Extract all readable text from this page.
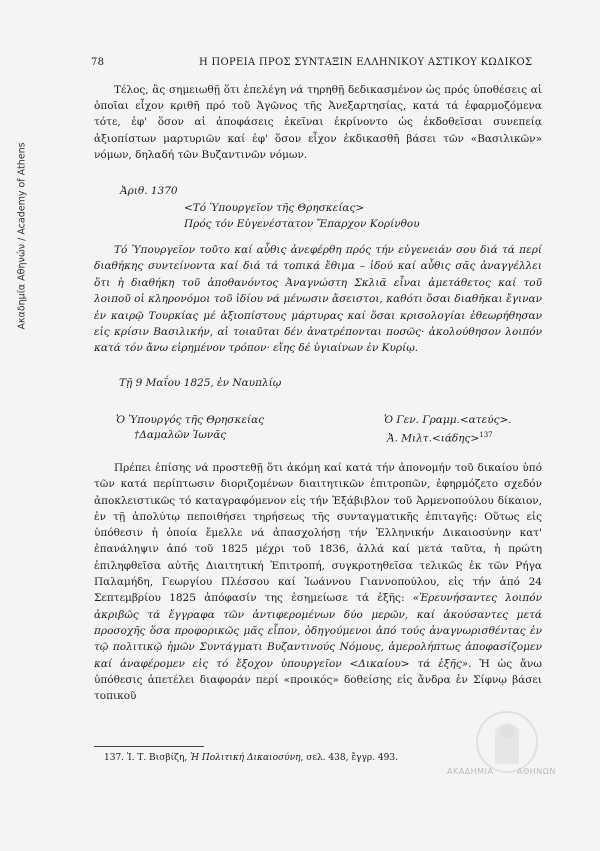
Ακαδημία Αθηνών / Academy of Athens
78	Η ΠΟΡΕΙΑ ΠΡΟΣ ΣΥΝΤΑΞΙΝ ΕΛΛΗΝΙΚΟΥ ΑΣΤΙΚΟΥ ΚΩΔΙΚΟΣ
Τέλος, ἂς σημειωθῇ ὅτι ἐπελέγη νά τηρηθῇ δεδικασμένον ὡς πρός ὑποθέσεις αἱ ὁποῖαι εἶχον κριθῆ πρό τοῦ Ἀγῶνος τῆς Ἀνεξαρτησίας, κατά τά ἐφαρμοζόμενα τότε, ἐφ' ὅσον αἱ ἀποφάσεις ἐκεῖναι ἐκρίνοντο ὡς ἐκδοθεῖσαι συνεπείᾳ ἀξιοπίστων μαρτυριῶν καί ἐφ' ὅσον εἶχον ἐκδικασθῆ βάσει τῶν «Βασιλικῶν» νόμων, δηλαδή τῶν Βυζαντινῶν νόμων.
Ἀριθ. 1370
<Τό Ὑπουργεῖον τῆς Θρησκείας>
Πρός τόν Εὐγενέστατον Ἔπαρχον Κορίνθου
Τό Ὑπουργεῖον τοῦτο καί αὖθις ἀνεφέρθη πρός τήν εὐγενειάν σου διά τά περί διαθήκης συντείνοντα καί διά τά τοπικά ἔθιμα – ἰδού καί αὖθις σᾶς ἀναγγέλλει ὅτι ἡ διαθήκη τοῦ ἀποθανόντος Ἀναγνώστη Σκλιᾶ εἶναι ἀμετάθετος καί τοῦ λοιποῦ οἱ κληρονόμοι τοῦ ἰδίου νά μένωσιν ἄσειστοι, καθότι ὅσαι διαθῆκαι ἔγιναν ἐν καιρῷ Τουρκίας μέ ἀξιοπίστους μάρτυρας καί ὅσαι κρισολογίαι ἐθεωρήθησαν εἰς κρίσιν Βασιλικήν, αἱ τοιαῦται δέν ἀνατρέπονται ποσῶς· ἀκολούθησον λοιπόν κατά τόν ἄνω εἰρημένον τρόπον· εἴης δέ ὑγιαίνων ἐν Κυρίῳ.
Τῇ 9 Μαΐου 1825, ἐν Ναυπλίῳ
Ὁ Ὑπουργός τῆς Θρησκείας
†Δαμαλῶν Ἰωνᾶς
Ὁ Γεν. Γραμμ.<ατεύς>.
Ἀ. Μιλτ.<ιάδης>$^{137}$
Πρέπει ἐπίσης νά προστεθῇ ὅτι ἀκόμη καί κατά τήν ἀπονομήν τοῦ δικαίου ὑπό τῶν κατά περίπτωσιν διοριζομένων διαιτητικῶν ἐπιτροπῶν, ἐφηρμόζετο σχεδόν ἀποκλειστικῶς τό καταγραφόμενον εἰς τήν Ἑξάβιβλον τοῦ Ἀρμενοπούλου δίκαιον, ἐν τῇ ἀπολύτῳ πεποιθήσει τηρήσεως τῆς συνταγματικῆς ἐπιταγῆς: Οὕτως εἰς ὑπόθεσιν ἡ ὁποία ἔμελλε νά ἀπασχολήσῃ τήν Ἑλληνικήν Δικαιοσύνην κατ' ἐπανάληψιν ἀπό τοῦ 1825 μέχρι τοῦ 1836, ἀλλά καί μετά ταῦτα, ἡ πρώτη ἐπιληφθεῖσα αὐτῆς Διαιτητική Ἐπιτροπή, συγκροτηθεῖσα τελικῶς ἐκ τῶν Ρήγα Παλαμήδη, Γεωργίου Πλέσσου καί Ἰωάννου Γιαννοπούλου, εἰς τήν ἀπό 24 Σεπτεμβρίου 1825 ἀπόφασίν της ἐσημείωσε τά ἑξῆς: «Ἐρευνήσαντες λοιπόν ἀκριβῶς τά ἔγγραφα τῶν ἀντιφερομένων δύο μερῶν, καί ἀκούσαντες μετά προσοχῆς ὅσα προφορικῶς μᾶς εἶπον, ὁδηγούμενοι ἀπό τούς ἀναγνωρισθέντας ἐν τῷ πολιτικῷ ἡμῶν Συντάγματι Βυζαντινούς Νόμους, ἀμερολήπτως ἀποφασίζομεν καί ἀναφέρομεν εἰς τό ἔξοχον ὑπουργεῖον <Δικαίου> τά ἑξῆς». Ἡ ὡς ἄνω ὑπόθεσις ἀπετέλει διαφοράν περί «προικός» δοθείσης εἰς ἄνδρα ἐν Σίφνῳ βάσει τοπικοῦ
137. Ἰ. Τ. Βισβίζη, Ἡ Πολιτική Δικαιοσύνη, σελ. 438, ἔγγρ. 493.
ΑΚΑΔΗΜΙΑ	ΑΘΗΝΩΝ
